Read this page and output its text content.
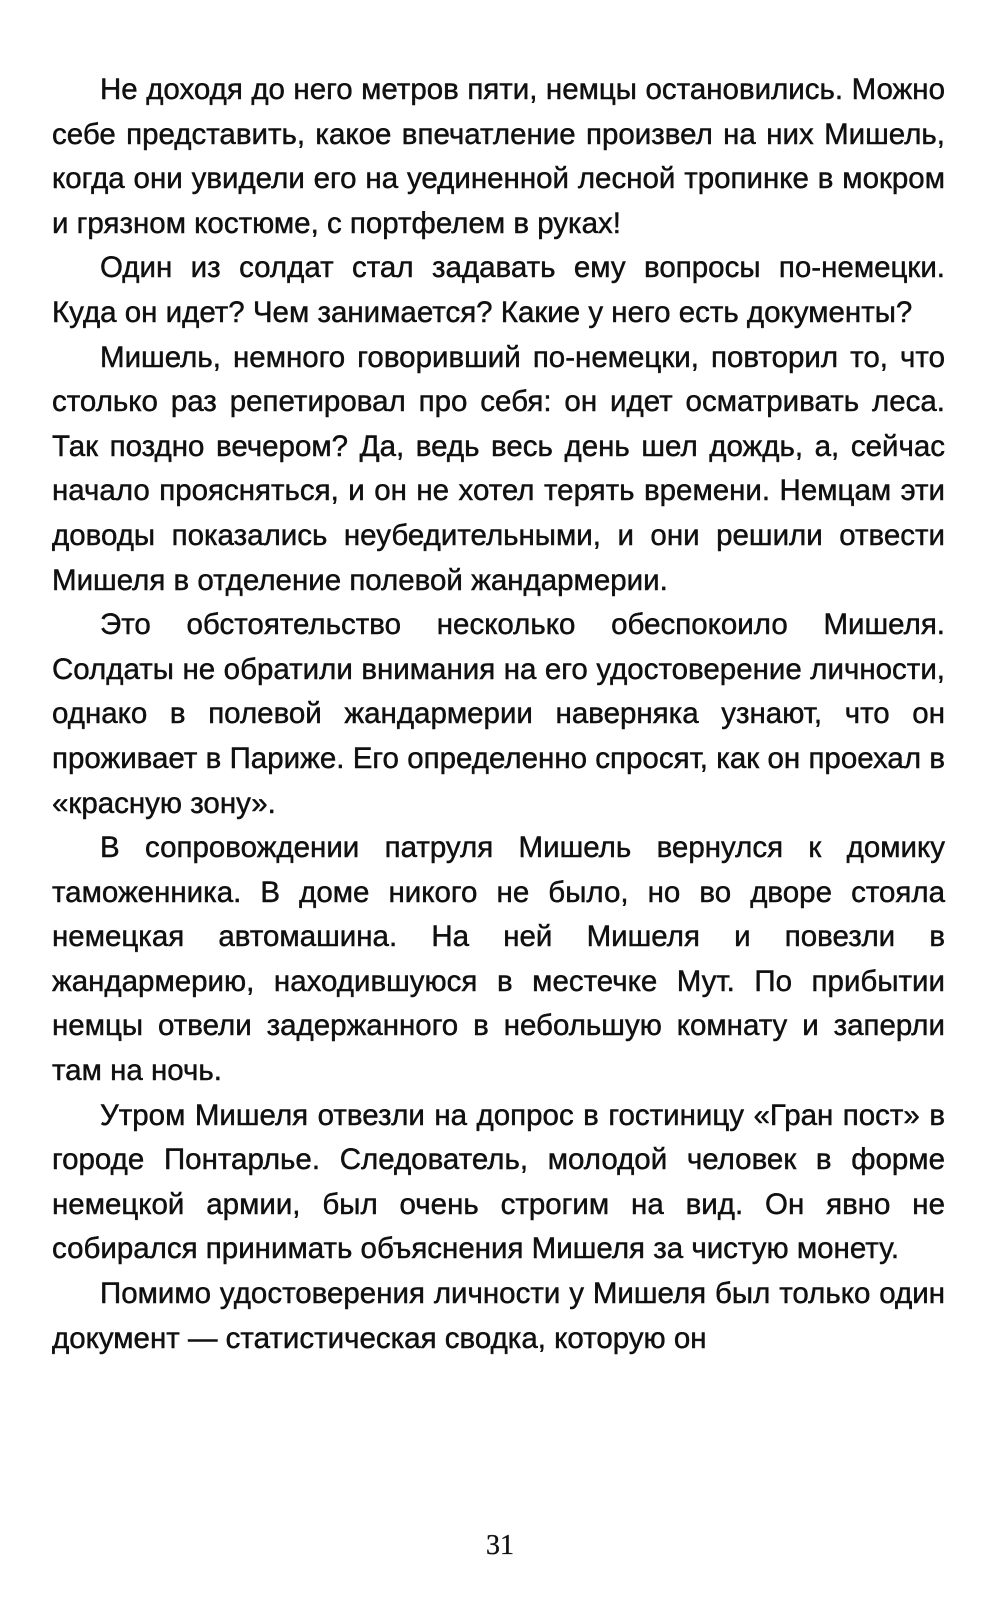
Не доходя до него метров пяти, немцы остановились. Можно себе представить, какое впечатление произвел на них Мишель, когда они увидели его на уединенной лесной тропинке в мокром и грязном костюме, с портфелем в руках!

Один из солдат стал задавать ему вопросы по-немецки. Куда он идет? Чем занимается? Какие у него есть документы?

Мишель, немного говоривший по-немецки, повторил то, что столько раз репетировал про себя: он идет осматривать леса. Так поздно вечером? Да, ведь весь день шел дождь, а, сейчас начало проясняться, и он не хотел терять времени. Немцам эти доводы показались неубедительными, и они решили отвести Мишеля в отделение полевой жандармерии.

Это обстоятельство несколько обеспокоило Мишеля. Солдаты не обратили внимания на его удостоверение личности, однако в полевой жандармерии наверняка узнают, что он проживает в Париже. Его определенно спросят, как он проехал в «красную зону».

В сопровождении патруля Мишель вернулся к домику таможенника. В доме никого не было, но во дворе стояла немецкая автомашина. На ней Мишеля и повезли в жандармерию, находившуюся в местечке Мут. По прибытии немцы отвели задержанного в небольшую комнату и заперли там на ночь.

Утром Мишеля отвезли на допрос в гостиницу «Гран пост» в городе Понтарлье. Следователь, молодой человек в форме немецкой армии, был очень строгим на вид. Он явно не собирался принимать объяснения Мишеля за чистую монету.

Помимо удостоверения личности у Мишеля был только один документ — статистическая сводка, которую он

31
